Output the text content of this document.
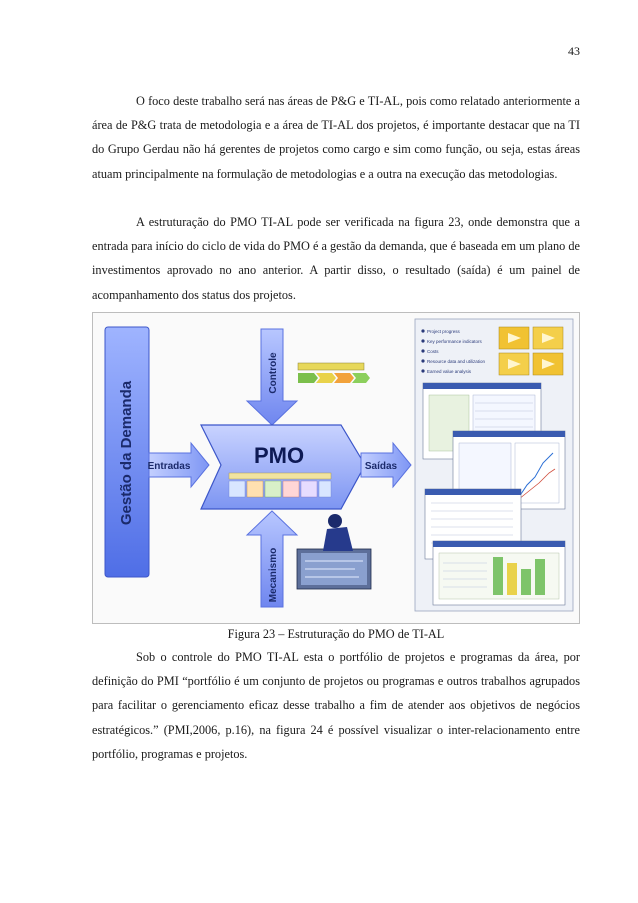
43

O foco deste trabalho será nas áreas de P&G e TI-AL, pois como relatado anteriormente a área de P&G trata de metodologia e a área de TI-AL dos projetos, é importante destacar que na TI do Grupo Gerdau não há gerentes de projetos como cargo e sim como função, ou seja, estas áreas atuam principalmente na formulação de metodologias e a outra na execução das metodologias.

A estruturação do PMO TI-AL pode ser verificada na figura 23, onde demonstra que a entrada para início do ciclo de vida do PMO é a gestão da demanda, que é baseada em um plano de investimentos aprovado no ano anterior. A partir disso, o resultado (saída) é um painel de acompanhamento dos status dos projetos.

Gestão da Demanda
Controle
Entradas	PMO	Saídas
Mecanismo
Project progress
Key performance indicators
Costs
Resource data and utilization
Earned value analysis
Figura 23 – Estruturação do PMO de TI-AL

Sob o controle do PMO TI-AL esta o portfólio de projetos e programas da área, por definição do PMI “portfólio é um conjunto de projetos ou programas e outros trabalhos agrupados para facilitar o gerenciamento eficaz desse trabalho a fim de atender aos objetivos de negócios estratégicos.” (PMI,2006, p.16), na figura 24 é possível visualizar o inter-relacionamento entre portfólio, programas e projetos.
